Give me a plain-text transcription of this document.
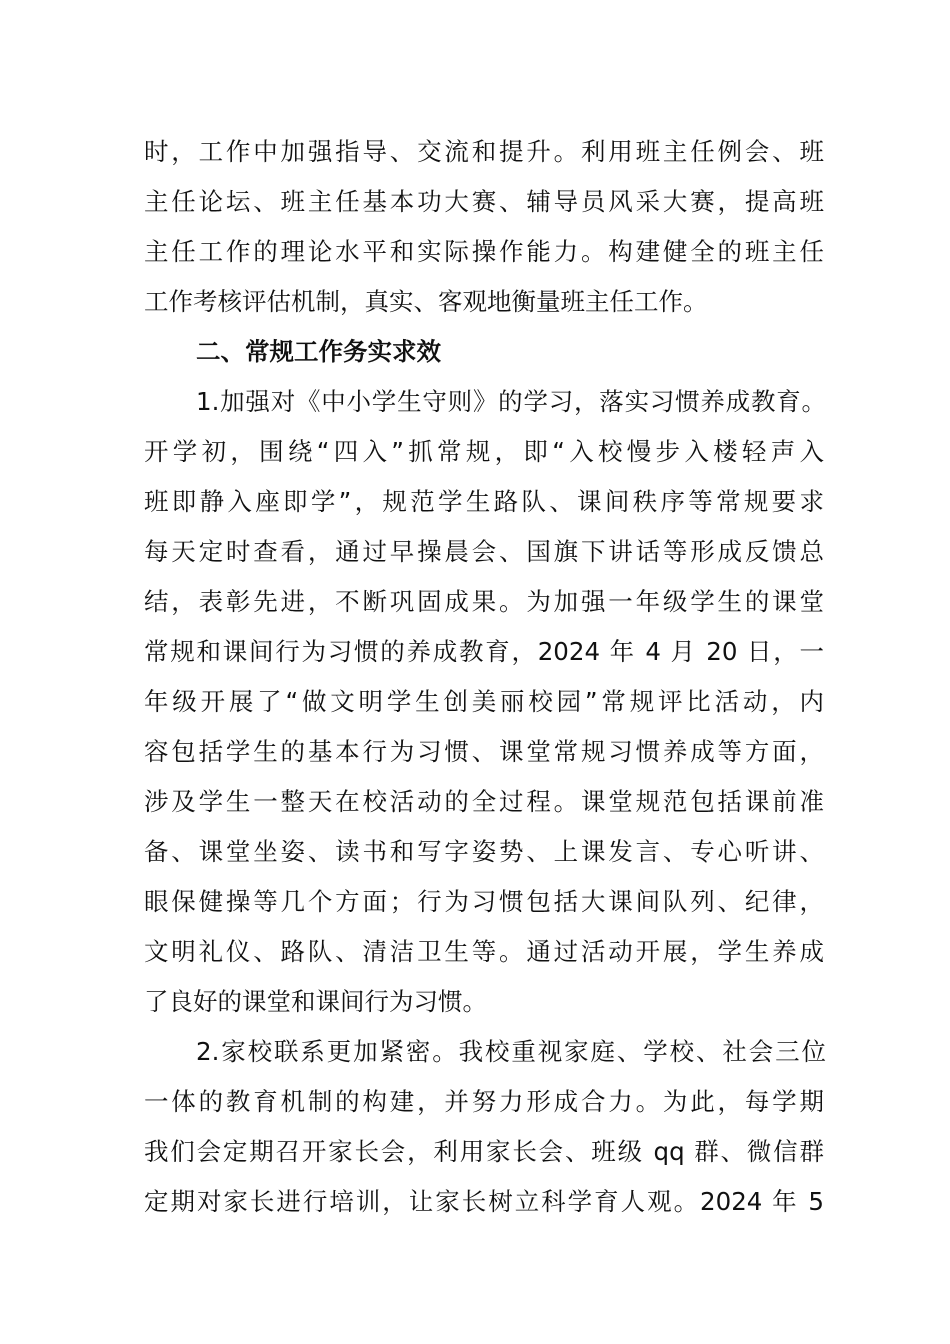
时，工作中加强指导、交流和提升。利用班主任例会、班
主任论坛、班主任基本功大赛、辅导员风采大赛，提高班
主任工作的理论水平和实际操作能力。构建健全的班主任
工作考核评估机制，真实、客观地衡量班主任工作。
二、常规工作务实求效
1.加强对《中小学生守则》的学习，落实习惯养成教育。
开学初，围绕“四入”抓常规，即“入校慢步入楼轻声入
班即静入座即学”，规范学生路队、课间秩序等常规要求
每天定时查看，通过早操晨会、国旗下讲话等形成反馈总
结，表彰先进，不断巩固成果。为加强一年级学生的课堂
常规和课间行为习惯的养成教育，2024 年 4 月 20 日，一
年级开展了“做文明学生创美丽校园”常规评比活动，内
容包括学生的基本行为习惯、课堂常规习惯养成等方面，
涉及学生一整天在校活动的全过程。课堂规范包括课前准
备、课堂坐姿、读书和写字姿势、上课发言、专心听讲、
眼保健操等几个方面；行为习惯包括大课间队列、纪律，
文明礼仪、路队、清洁卫生等。通过活动开展，学生养成
了良好的课堂和课间行为习惯。
2.家校联系更加紧密。我校重视家庭、学校、社会三位
一体的教育机制的构建，并努力形成合力。为此，每学期
我们会定期召开家长会，利用家长会、班级 qq 群、微信群
定期对家长进行培训，让家长树立科学育人观。2024 年 5
